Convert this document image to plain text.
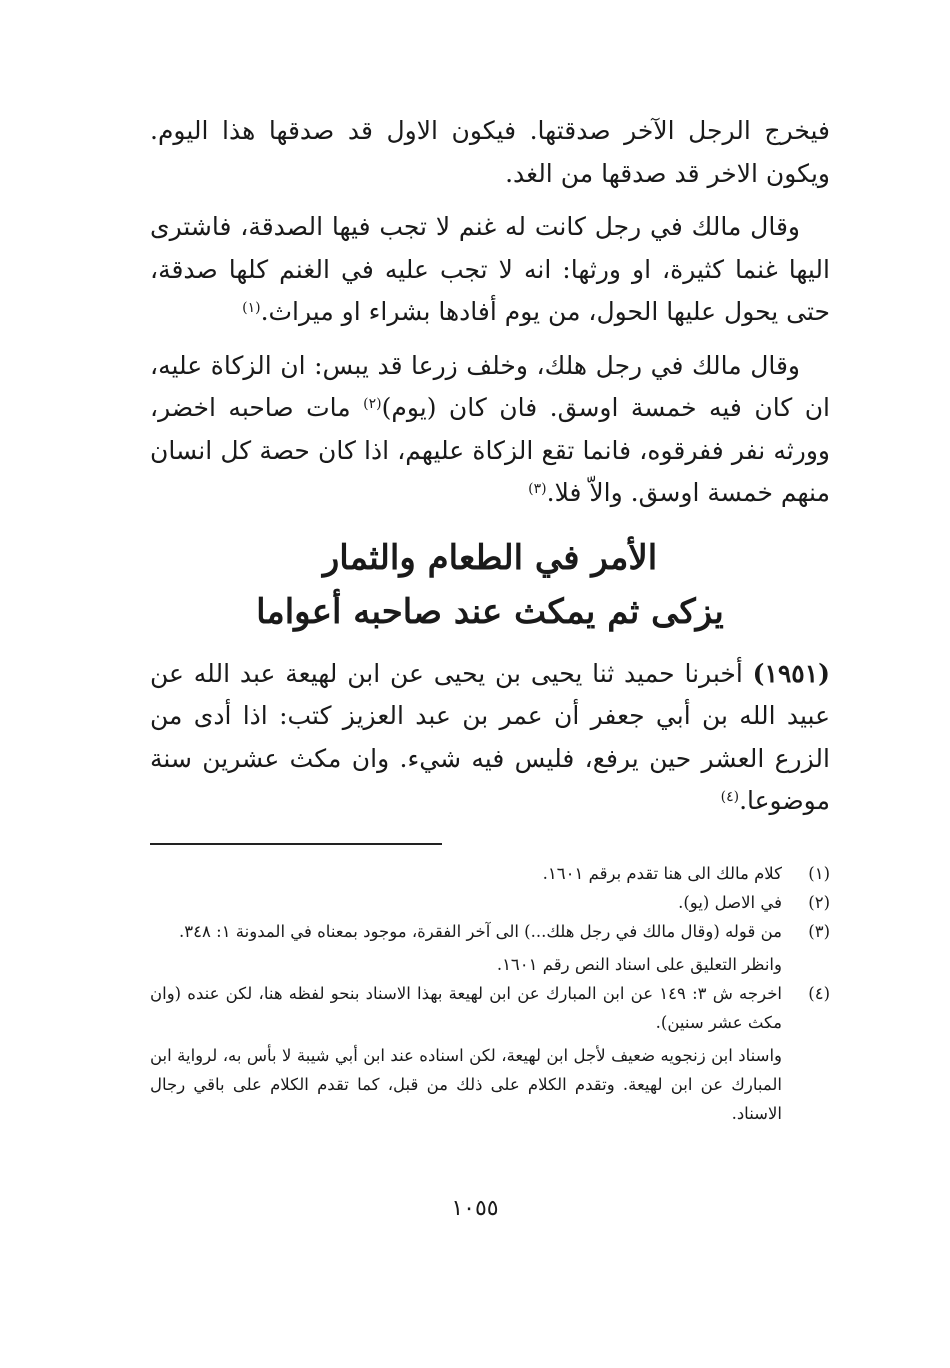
فيخرج الرجل الآخر صدقتها. فيكون الاول قد صدقها هذا اليوم. ويكون الاخر قد صدقها من الغد.

وقال مالك في رجل كانت له غنم لا تجب فيها الصدقة، فاشترى اليها غنما كثيرة، او ورثها: انه لا تجب عليه في الغنم كلها صدقة، حتى يحول عليها الحول، من يوم أفادها بشراء او ميراث.$^{(١)}$

وقال مالك في رجل هلك، وخلف زرعا قد يبس: ان الزكاة عليه، ان كان فيه خمسة اوسق. فان كان (يوم)$^{(٢)}$ مات صاحبه اخضر، وورثه نفر ففرقوه، فانما تقع الزكاة عليهم، اذا كان حصة كل انسان منهم خمسة اوسق. والاّ فلا.$^{(٣)}$

الأمر في الطعام والثمار

يزكى ثم يمكث عند صاحبه أعواما

(١٩٥١) أخبرنا حميد ثنا يحيى بن يحيى عن ابن لهيعة عبد الله عن عبيد الله بن أبي جعفر أن عمر بن عبد العزيز كتب: اذا أدى من الزرع العشر حين يرفع، فليس فيه شيء. وان مكث عشرين سنة موضوعا.$^{(٤)}$

(١)

كلام مالك الى هنا تقدم برقم ١٦٠١.

(٢)

في الاصل (يو).

(٣)

من قوله (وقال مالك في رجل هلك...) الى آخر الفقرة، موجود بمعناه في المدونة ١: ٣٤٨.

وانظر التعليق على اسناد النص رقم ١٦٠١.

(٤)

اخرجه ش ٣: ١٤٩ عن ابن المبارك عن ابن لهيعة بهذا الاسناد بنحو لفظه هنا، لكن عنده (وان مكث عشر سنين).

واسناد ابن زنجويه ضعيف لأجل ابن لهيعة، لكن اسناده عند ابن أبي شيبة لا بأس به، لرواية ابن المبارك عن ابن لهيعة. وتقدم الكلام على ذلك من قبل، كما تقدم الكلام على باقي رجال الاسناد.

١٠٥٥
